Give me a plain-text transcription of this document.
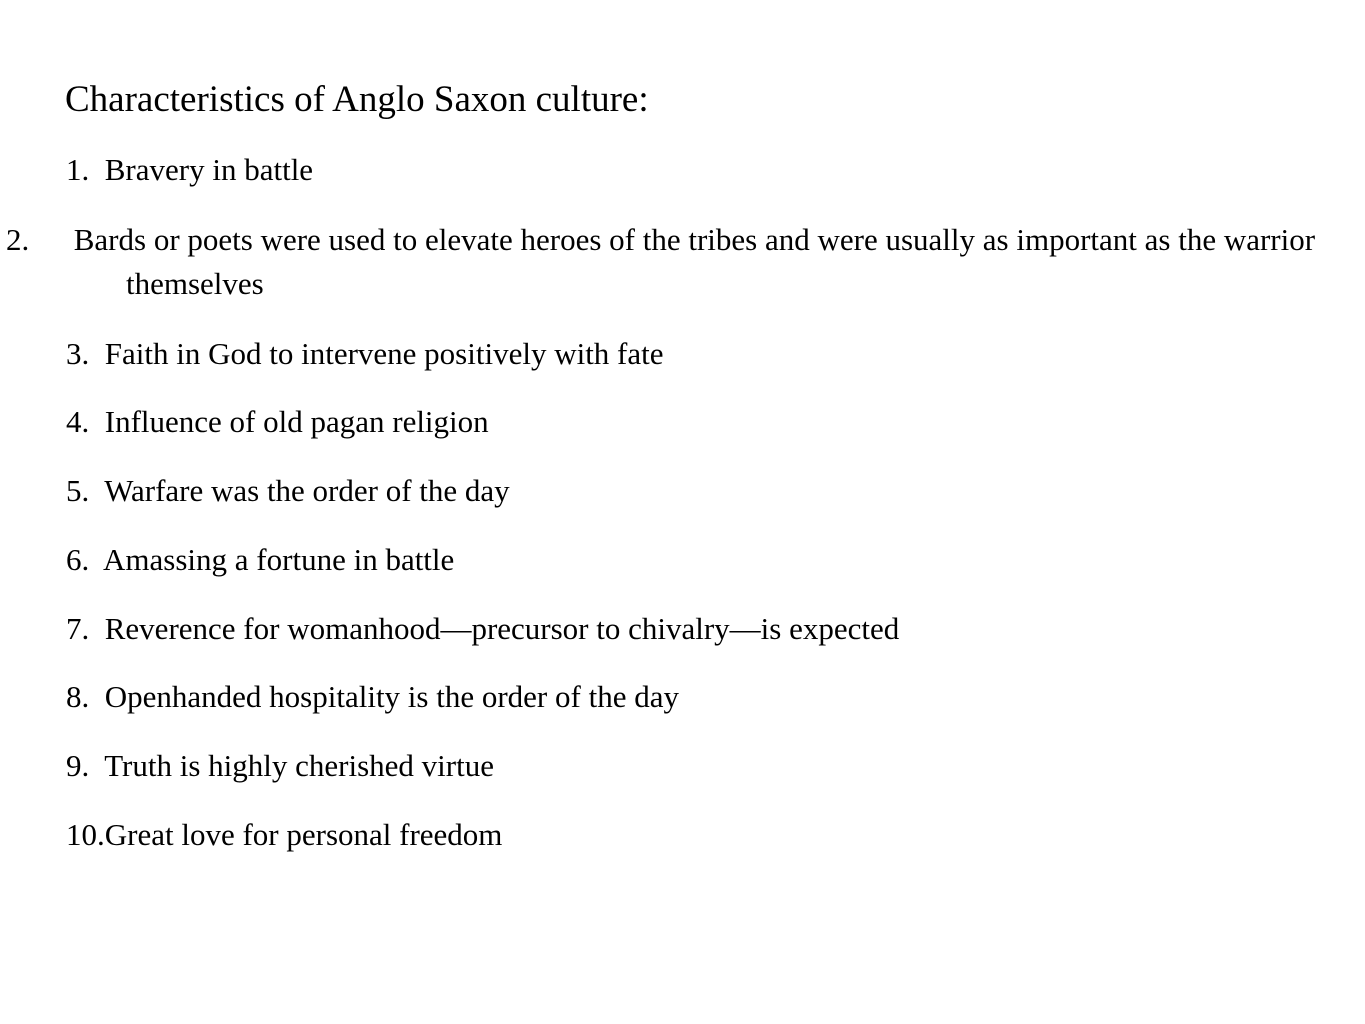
Characteristics of Anglo Saxon culture:
1. Bravery in battle
2. Bards or poets were used to elevate heroes of the tribes and were usually as important as the warrior themselves
3. Faith in God to intervene positively with fate
4. Influence of old pagan religion
5. Warfare was the order of the day
6. Amassing a fortune in battle
7. Reverence for womanhood—precursor to chivalry—is expected
8. Openhanded hospitality is the order of the day
9. Truth is highly cherished virtue
10.Great love for personal freedom
